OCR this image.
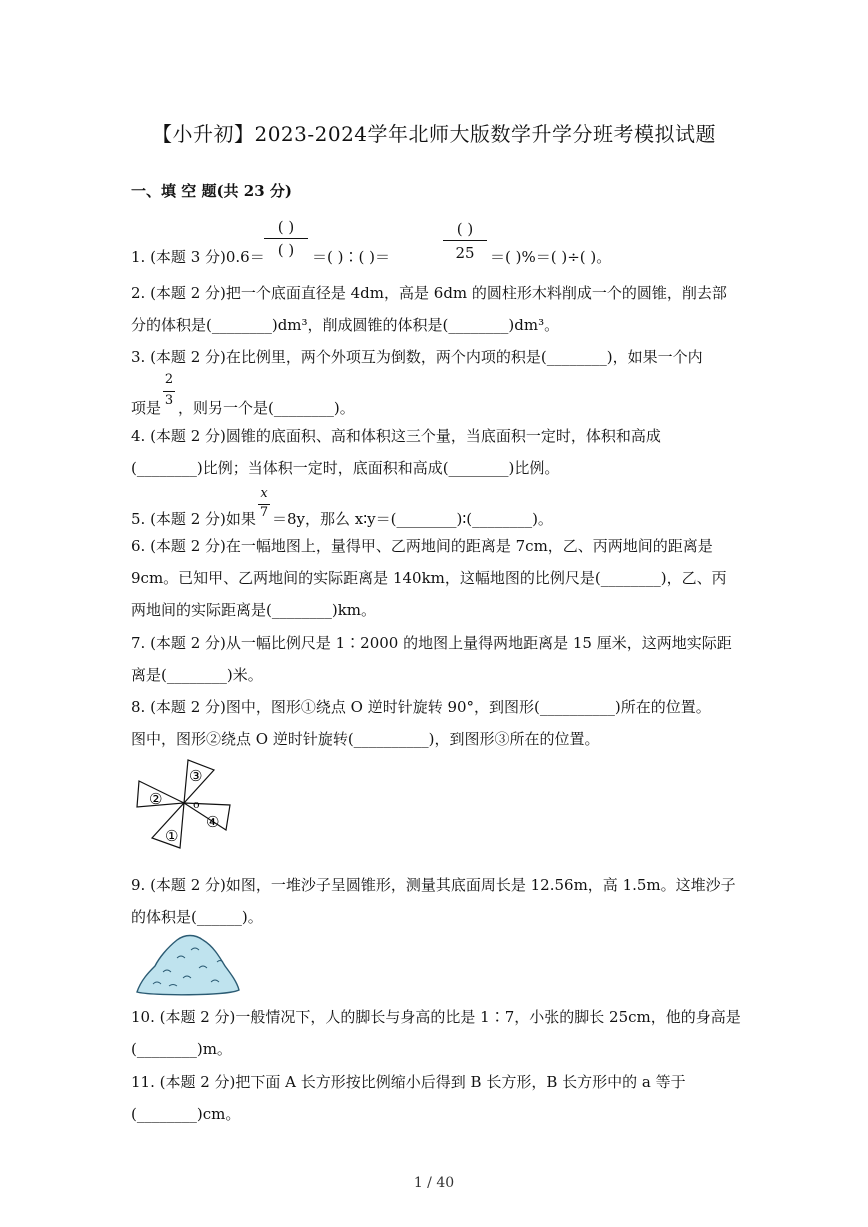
【小升初】2023-2024学年北师大版数学升学分班考模拟试题
一、填 空 题(共 23 分)
1. (本题 3 分)0.6＝
( )
( )	＝( )∶( )＝
( )
25	＝( )%＝( )÷( )。
2. (本题 2 分)把一个底面直径是 4dm，高是 6dm 的圆柱形木料削成一个的圆锥，削去部
分的体积是(________)dm³，削成圆锥的体积是(________)dm³。
3. (本题 2 分)在比例里，两个外项互为倒数，两个内项的积是(________)，如果一个内
2
3
项是 ，则另一个是(________)。
4. (本题 2 分)圆锥的底面积、高和体积这三个量，当底面积一定时，体积和高成
(________)比例；当体积一定时，底面积和高成(________)比例。
x
7
5. (本题 2 分)如果 ＝8y，那么 x∶y＝(________)∶(________)。
6. (本题 2 分)在一幅地图上，量得甲、乙两地间的距离是 7cm，乙、丙两地间的距离是
9cm。已知甲、乙两地间的实际距离是 140km，这幅地图的比例尺是(________)，乙、丙
两地间的实际距离是(________)km。
7. (本题 2 分)从一幅比例尺是 1∶2000 的地图上量得两地距离是 15 厘米，这两地实际距
离是(________)米。
8. (本题 2 分)图中，图形①绕点 O 逆时针旋转 90°，到图形(__________)所在的位置。
图中，图形②绕点 O 逆时针旋转(__________)，到图形③所在的位置。
②
③
④
①
o
9. (本题 2 分)如图，一堆沙子呈圆锥形，测量其底面周长是 12.56m，高 1.5m。这堆沙子
的体积是(______)。
10. (本题 2 分)一般情况下，人的脚长与身高的比是 1∶7，小张的脚长 25cm，他的身高是
(________)m。
11. (本题 2 分)把下面 A 长方形按比例缩小后得到 B 长方形，B 长方形中的 a 等于
(________)cm。
1 / 40
